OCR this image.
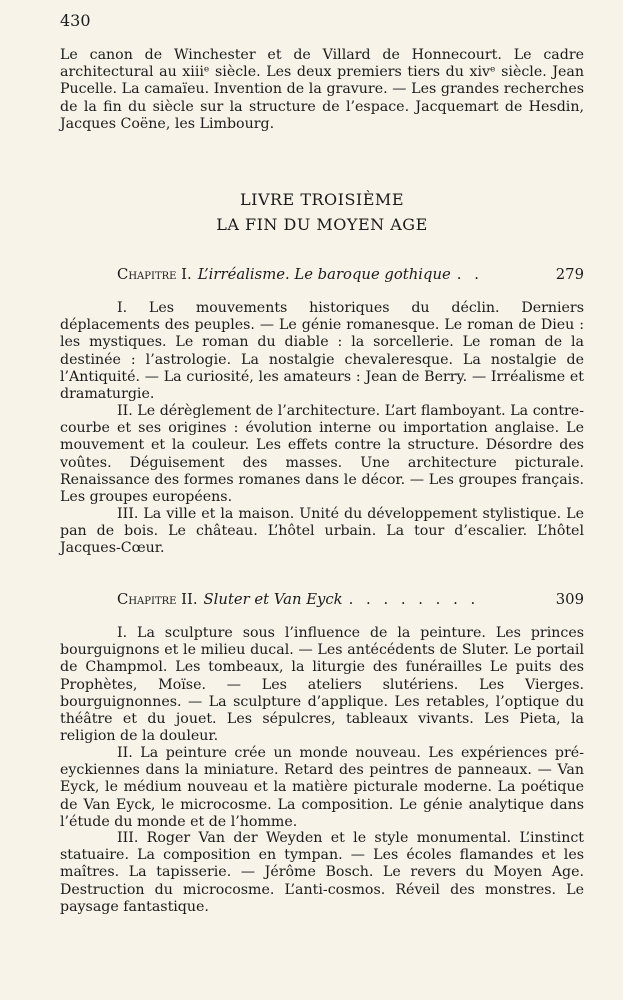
430

Le canon de Winchester et de Villard de Honnecourt. Le cadre architectural au xiiiᵉ siècle. Les deux premiers tiers du xivᵉ siècle. Jean Pucelle. La camaïeu. Invention de la gravure. — Les grandes recherches de la fin du siècle sur la structure de l’espace. Jacquemart de Hesdin, Jacques Coëne, les Limbourg.

LIVRE TROISIÈME
LA FIN DU MOYEN AGE
Chapitre I. L’irréalisme. Le baroque gothique . .	279

I. Les mouvements historiques du déclin. Derniers déplacements des peuples. — Le génie romanesque. Le roman de Dieu : les mystiques. Le roman du diable : la sorcellerie. Le roman de la destinée : l’astrologie. La nostalgie chevaleresque. La nostalgie de l’Antiquité. — La curiosité, les amateurs : Jean de Berry. — Irréalisme et dramaturgie.

II. Le dérèglement de l’architecture. L’art flamboyant. La contre-courbe et ses origines : évolution interne ou importation anglaise. Le mouvement et la couleur. Les effets contre la structure. Désordre des voûtes. Déguisement des masses. Une architecture picturale. Renaissance des formes romanes dans le décor. — Les groupes français. Les groupes européens.

III. La ville et la maison. Unité du développement stylistique. Le pan de bois. Le château. L’hôtel urbain. La tour d’escalier. L’hôtel Jacques-Cœur.

Chapitre II. Sluter et Van Eyck . . . . . . . .	309

I. La sculpture sous l’influence de la peinture. Les princes bourguignons et le milieu ducal. — Les antécédents de Sluter. Le portail de Champmol. Les tombeaux, la liturgie des funérailles Le puits des Prophètes, Moïse. — Les ateliers slutériens. Les Vierges. bourguignonnes. — La sculpture d’applique. Les retables, l’optique du théâtre et du jouet. Les sépulcres, tableaux vivants. Les Pieta, la religion de la douleur.

II. La peinture crée un monde nouveau. Les expériences pré-eyckiennes dans la miniature. Retard des peintres de panneaux. — Van Eyck, le médium nouveau et la matière picturale moderne. La poétique de Van Eyck, le microcosme. La composition. Le génie analytique dans l’étude du monde et de l’homme.

III. Roger Van der Weyden et le style monumental. L’instinct statuaire. La composition en tympan. — Les écoles flamandes et les maîtres. La tapisserie. — Jérôme Bosch. Le revers du Moyen Age. Destruction du microcosme. L’anti-cosmos. Réveil des monstres. Le paysage fantastique.
